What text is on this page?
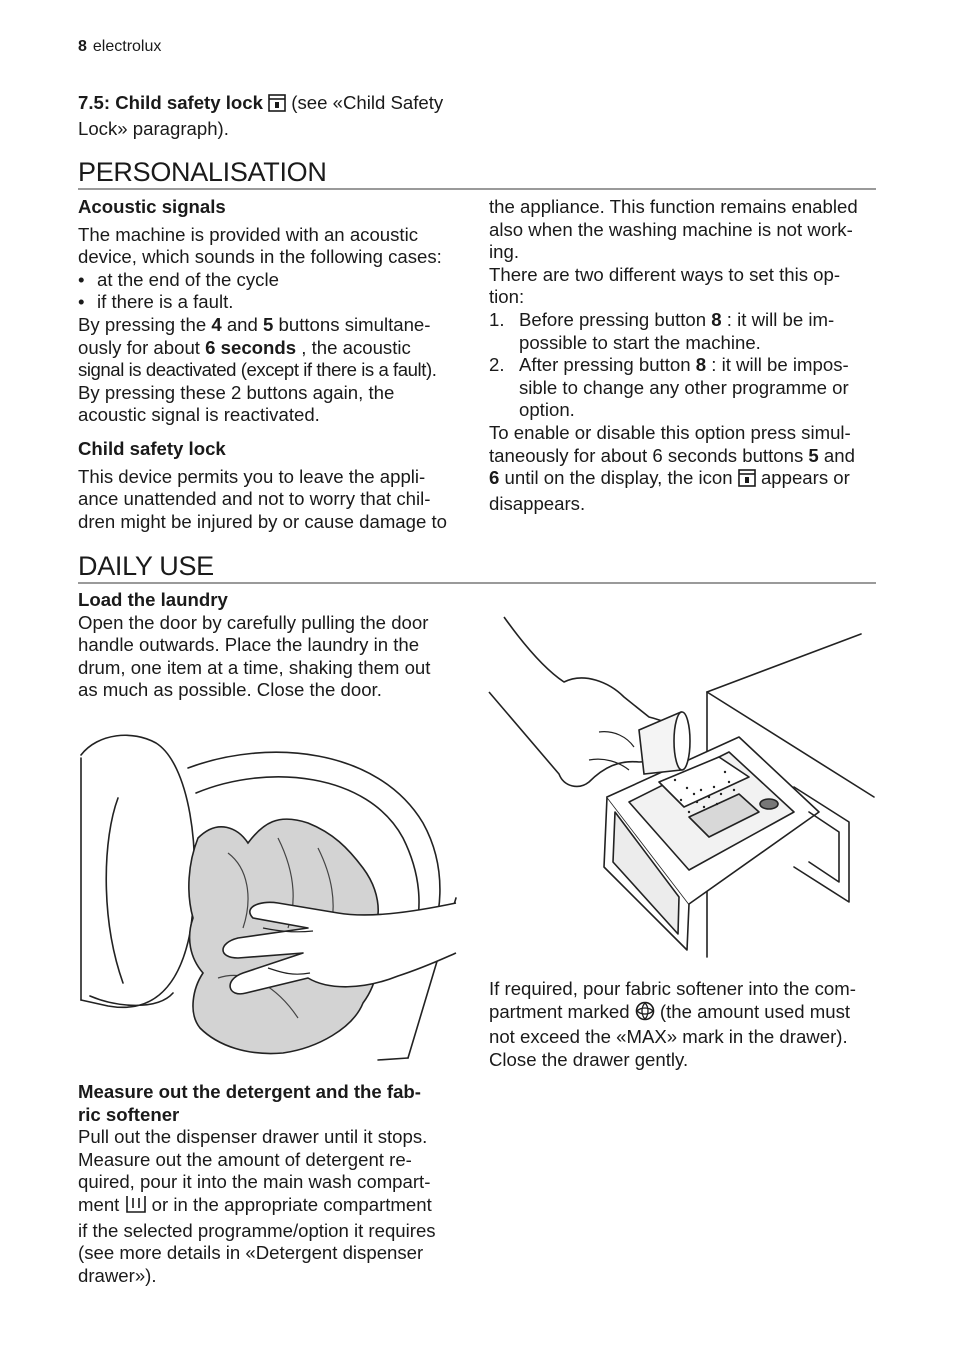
8 electrolux

7.5: Child safety lock  (see «Child Safety

Lock» paragraph).

PERSONALISATION
Acoustic signals

The machine is provided with an acoustic

device, which sounds in the following cases:

• at the end of the cycle
• if there is a fault.

By pressing the 4 and 5 buttons simultane-

ously for about 6 seconds , the acoustic

signal is deactivated (except if there is a fault).

By pressing these 2 buttons again, the

acoustic signal is reactivated.

Child safety lock

This device permits you to leave the appli-

ance unattended and not to worry that chil-

dren might be injured by or cause damage to

the appliance. This function remains enabled

also when the washing machine is not work-

ing.

There are two different ways to set this op-

tion:

1. Before pressing button 8 : it will be im-
possible to start the machine.
2. After pressing button 8 : it will be impos-
sible to change any other programme or
option.

To enable or disable this option press simul-

taneously for about 6 seconds buttons 5 and

6 until on the display, the icon  appears or

disappears.

DAILY USE
Load the laundry

Open the door by carefully pulling the door

handle outwards. Place the laundry in the

drum, one item at a time, shaking them out

as much as possible. Close the door.

If required, pour fabric softener into the com-

partment marked  (the amount used must

not exceed the «MAX» mark in the drawer).

Close the drawer gently.

Measure out the detergent and the fab-
ric softener

Pull out the dispenser drawer until it stops.

Measure out the amount of detergent re-

quired, pour it into the main wash compart-

ment  or in the appropriate compartment

if the selected programme/option it requires

(see more details in «Detergent dispenser

drawer»).
